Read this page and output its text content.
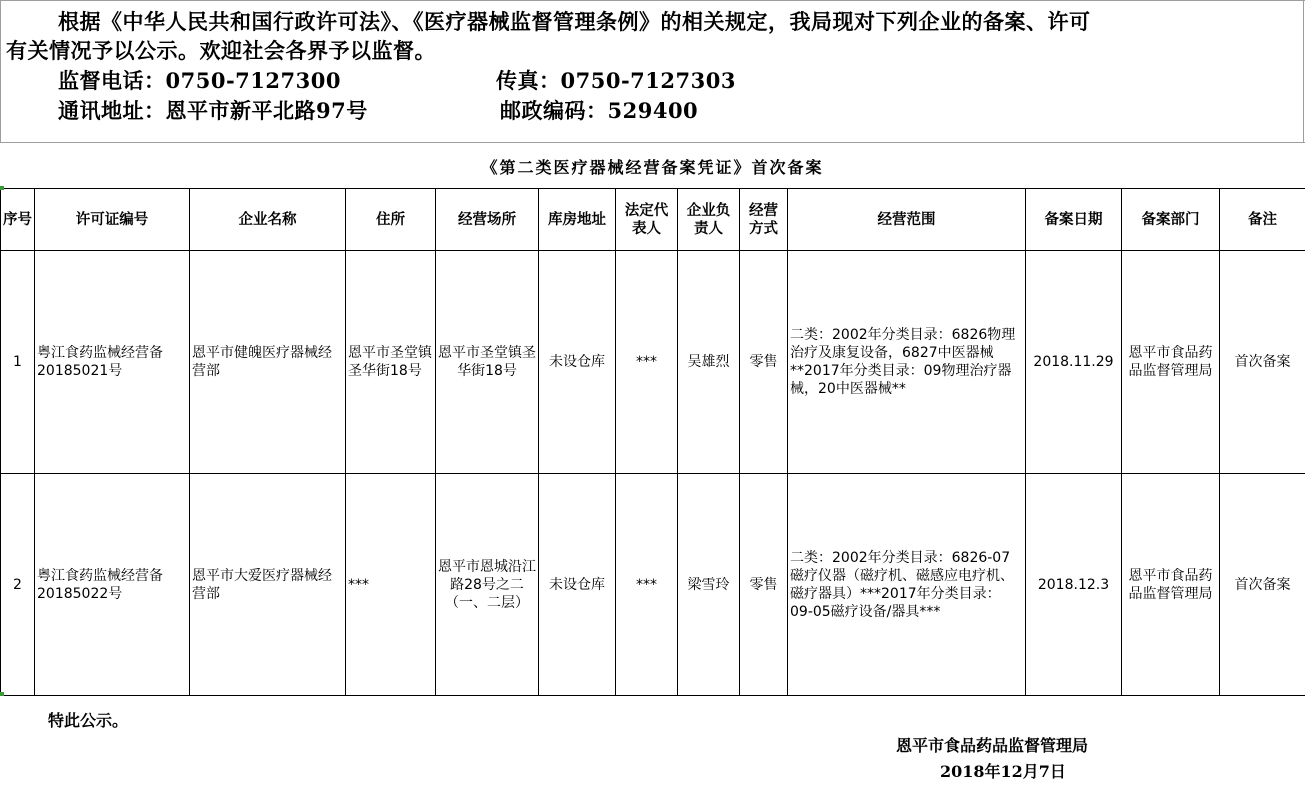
根据《中华人民共和国行政许可法》、《医疗器械监督管理条例》的相关规定，我局现对下列企业的备案、许可
有关情况予以公示。欢迎社会各界予以监督。
监督电话：0750-7127300	传真：0750-7127303
通讯地址：恩平市新平北路97号	邮政编码：529400
《第二类医疗器械经营备案凭证》首次备案
序号	许可证编号	企业名称	住所	经营场所	库房地址	法定代表人	企业负责人	经营方式	经营范围	备案日期	备案部门	备注
1	粤江食药监械经营备20185021号	恩平市健魄医疗器械经营部	恩平市圣堂镇圣华街18号	恩平市圣堂镇圣华街18号	未设仓库	***	吴雄烈	零售	二类：2002年分类目录：6826物理治疗及康复设备，6827中医器械**2017年分类目录：09物理治疗器械，20中医器械**	2018.11.29	恩平市食品药品监督管理局	首次备案
2	粤江食药监械经营备20185022号	恩平市大爱医疗器械经营部	***	恩平市恩城沿江路28号之二（一、二层）	未设仓库	***	梁雪玲	零售	二类：2002年分类目录：6826-07磁疗仪器（磁疗机、磁感应电疗机、磁疗器具）***2017年分类目录：09-05磁疗设备/器具***	2018.12.3	恩平市食品药品监督管理局	首次备案
特此公示。
恩平市食品药品监督管理局
2018年12月7日
